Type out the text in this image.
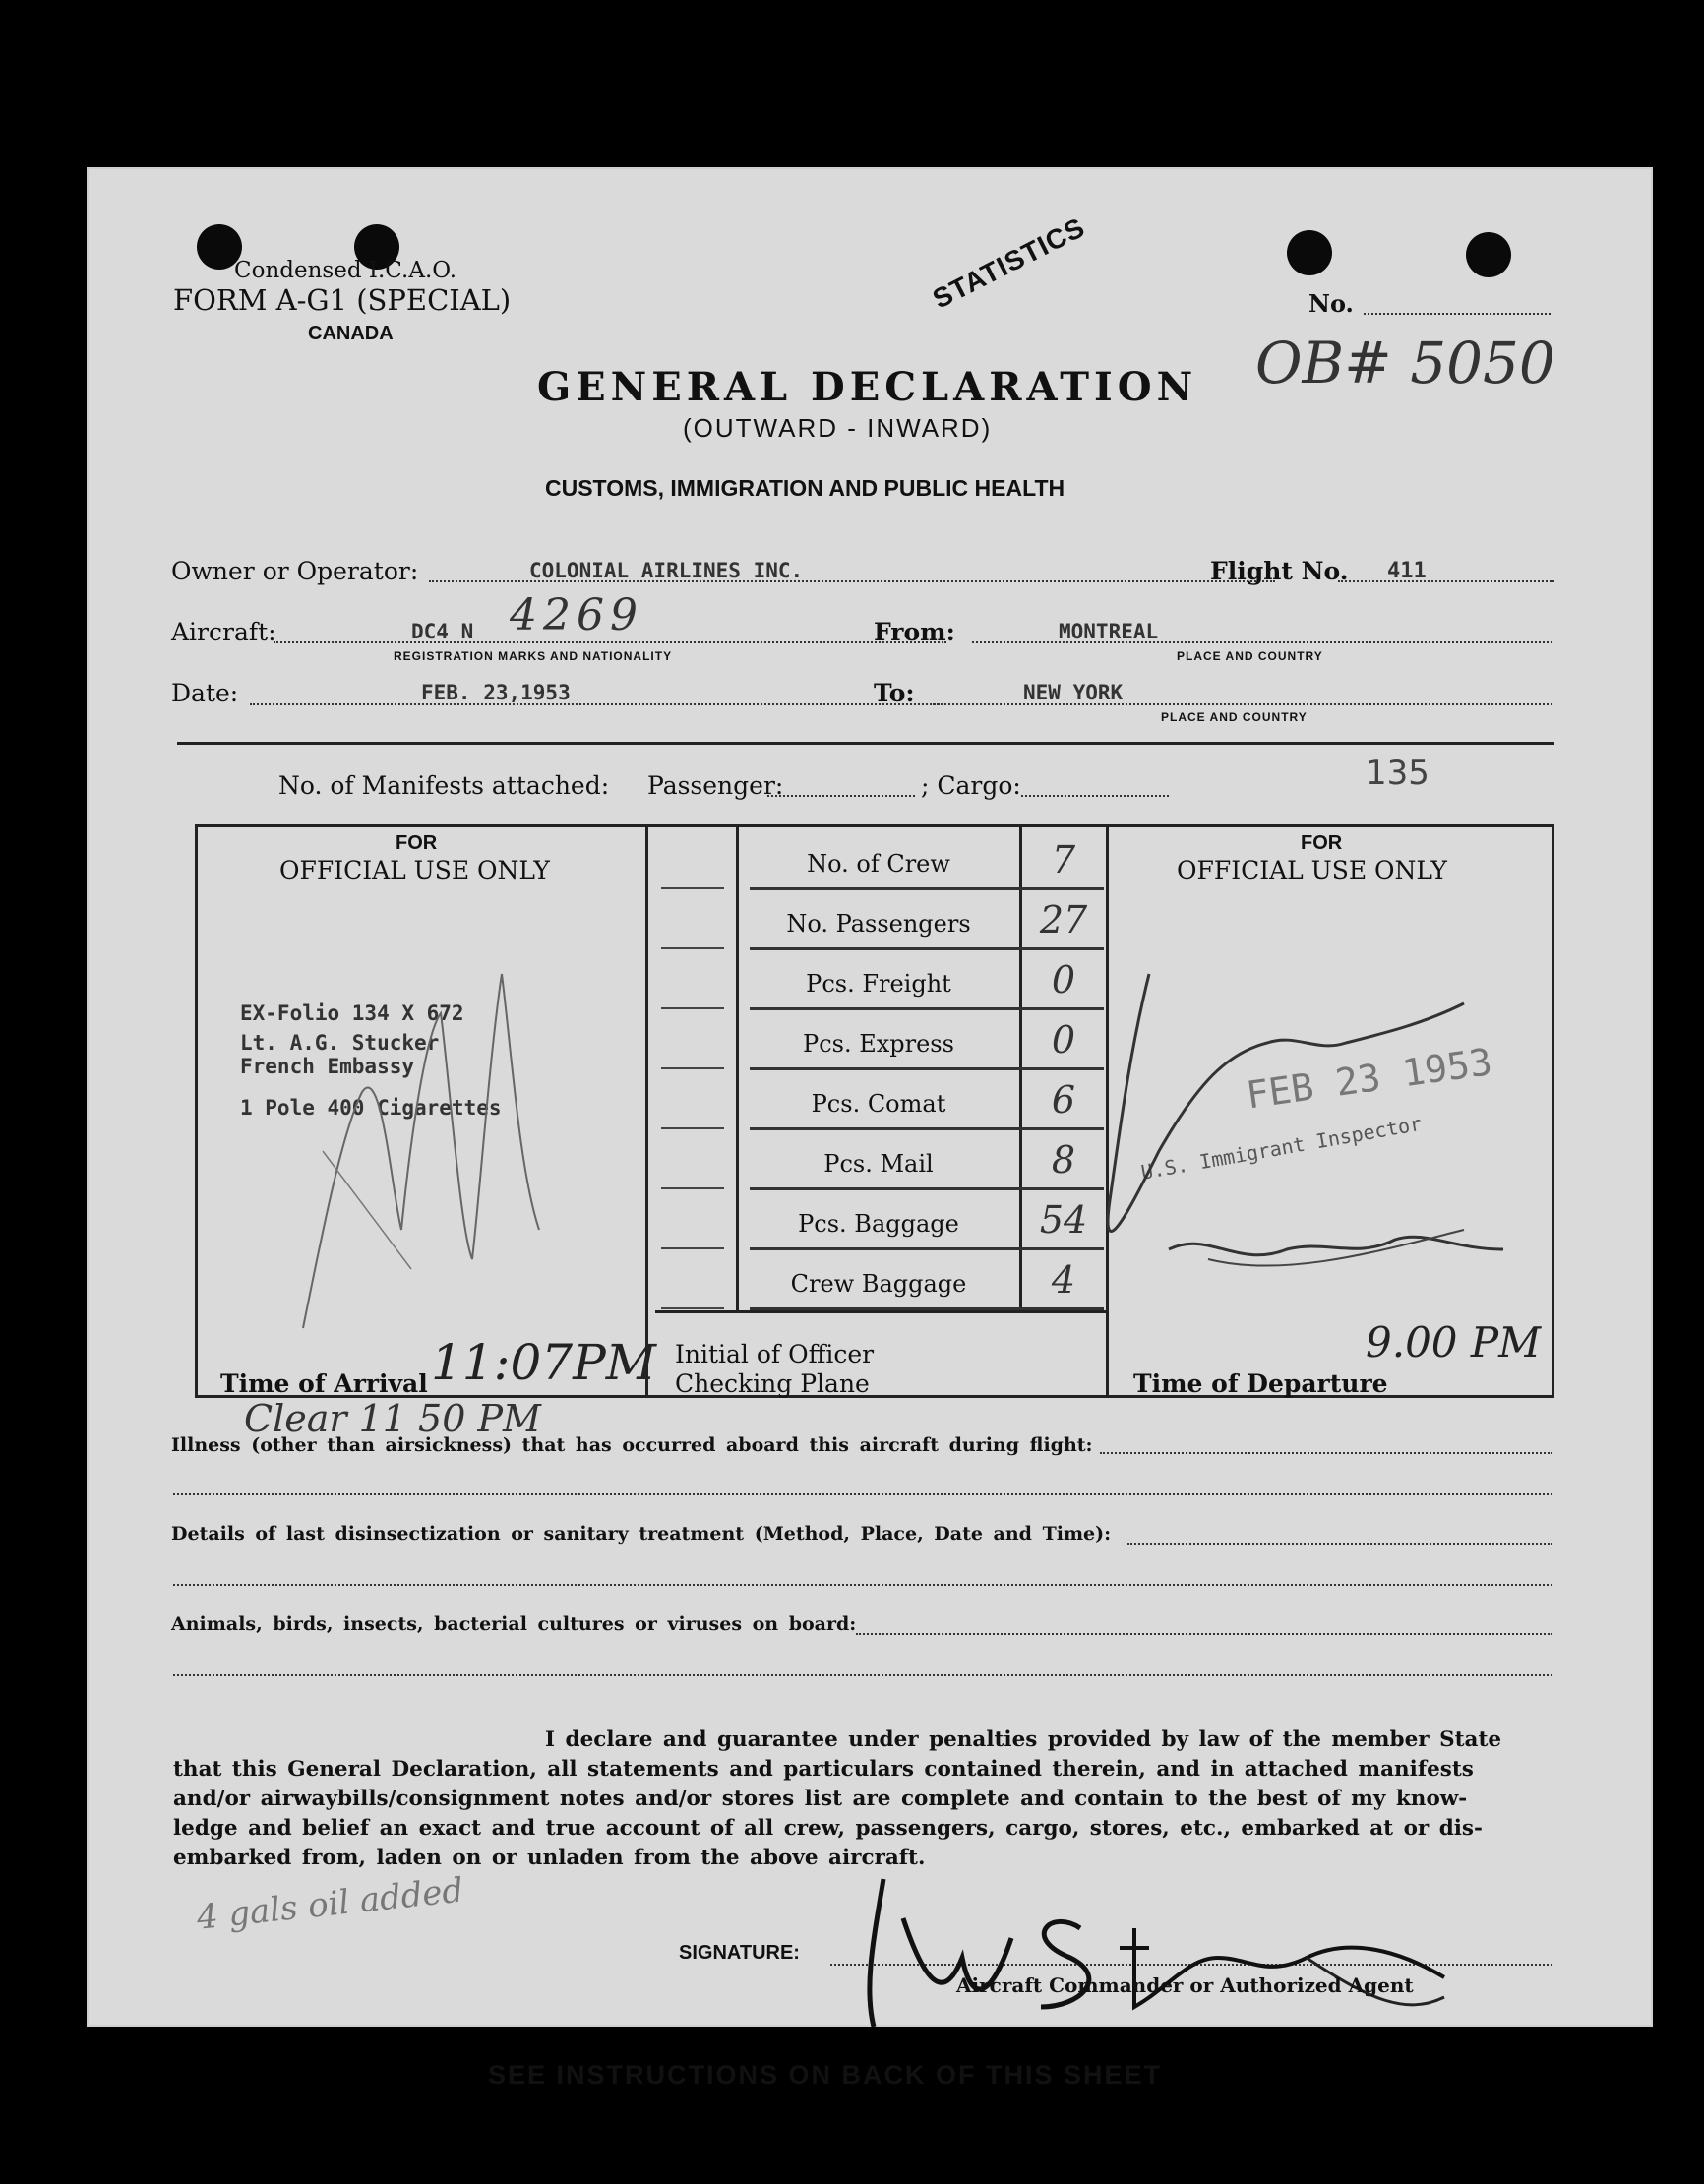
Condensed I.C.A.O.
FORM A-G1 (SPECIAL)
CANADA
STATISTICS	No.
OB# 5050
GENERAL DECLARATION
(OUTWARD - INWARD)
CUSTOMS, IMMIGRATION AND PUBLIC HEALTH
Owner or Operator:	COLONIAL AIRLINES INC.	Flight No. 411
Aircraft:	DC4 N 4269
REGISTRATION MARKS AND NATIONALITY
From:	MONTREAL
PLACE AND COUNTRY
Date:	FEB. 23,1953	To:	NEW YORK
PLACE AND COUNTRY
No. of Manifests attached: Passenger:	; Cargo:	135
FOR
OFFICIAL USE ONLY
EX-Folio 134 X 672
Lt. A.G. Stucker
French Embassy
1 Pole 400 Cigarettes
FOR
OFFICIAL USE ONLY
FEB 23 1953
U.S. Immigrant Inspector
Time of Arrival 11:07PM Initial of Officer
Checking Plane	Time of Departure
9.00 PM
Clear 11 50 PM
Illness (other than airsickness) that has occurred aboard this aircraft during flight:
Details of last disinsectization or sanitary treatment (Method, Place, Date and Time):
Animals, birds, insects, bacterial cultures or viruses on board:
I declare and guarantee under penalties provided by law of the member State
that this General Declaration, all statements and particulars contained therein, and in attached manifests
and/or airwaybills/consignment notes and/or stores list are complete and contain to the best of my know-
ledge and belief an exact and true account of all crew, passengers, cargo, stores, etc., embarked at or dis-
embarked from, laden on or unladen from the above aircraft.
4 gals oil added
SIGNATURE:
Aircraft Commander or Authorized Agent
SEE INSTRUCTIONS ON BACK OF THIS SHEET
No. of Crew	7
No. Passengers	27
Pcs. Freight	0
Pcs. Express	0
Pcs. Comat	6
Pcs. Mail	8
Pcs. Baggage	54
Crew Baggage	4
